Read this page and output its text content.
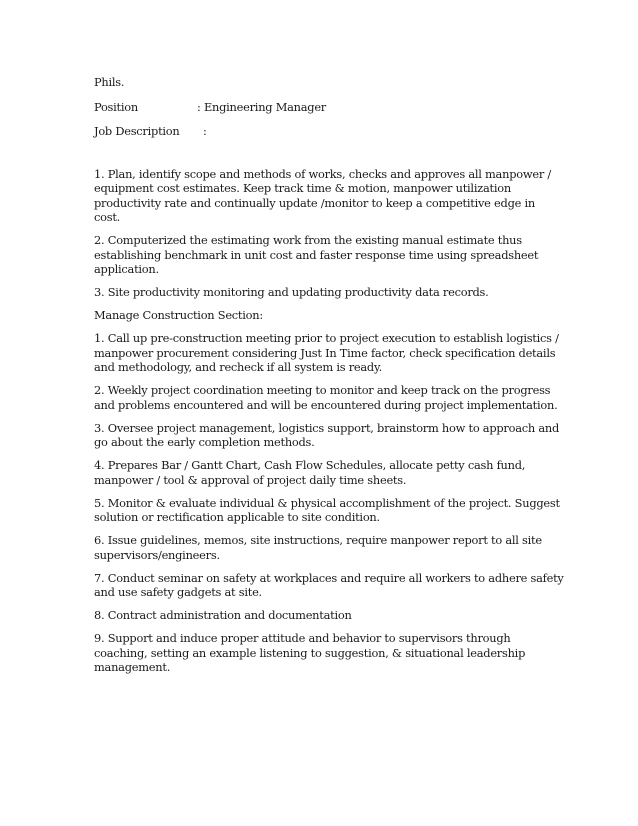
Phils.

Position	: Engineering Manager

Job Description :

1. Plan, identify scope and methods of works, checks and approves all manpower /

equipment cost estimates. Keep track time & motion, manpower utilization

productivity rate and continually update /monitor to keep a competitive edge in

cost.

2. Computerized the estimating work from the existing manual estimate thus

establishing benchmark in unit cost and faster response time using spreadsheet

application.

3. Site productivity monitoring and updating productivity data records.

Manage Construction Section:

1. Call up pre-construction meeting prior to project execution to establish logistics /

manpower procurement considering Just In Time factor, check specification details

and methodology, and recheck if all system is ready.

2. Weekly project coordination meeting to monitor and keep track on the progress

and problems encountered and will be encountered during project implementation.

3. Oversee project management, logistics support, brainstorm how to approach and

go about the early completion methods.

4. Prepares Bar / Gantt Chart, Cash Flow Schedules, allocate petty cash fund,

manpower / tool & approval of project daily time sheets.

5. Monitor & evaluate individual & physical accomplishment of the project. Suggest

solution or rectification applicable to site condition.

6. Issue guidelines, memos, site instructions, require manpower report to all site

supervisors/engineers.

7. Conduct seminar on safety at workplaces and require all workers to adhere safety

and use safety gadgets at site.

8. Contract administration and documentation

9. Support and induce proper attitude and behavior to supervisors through

coaching, setting an example listening to suggestion, & situational leadership

management.
